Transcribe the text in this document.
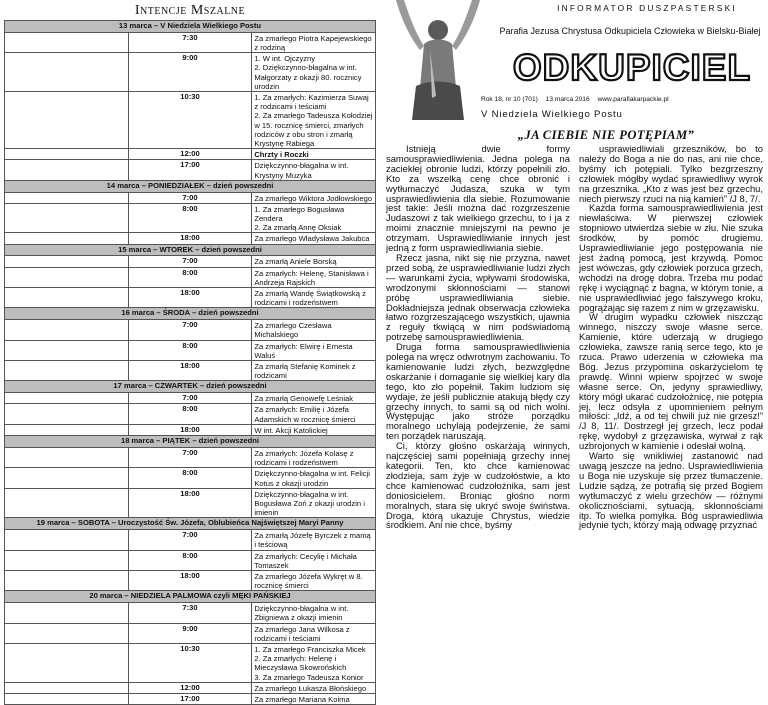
Intencje Mszalne
13 marca – V Niedziela Wielkiego Postu		
	7:30	Za zmarłego Piotra Kapejewskiego z rodziną

	9:00	1. W int. Ojczyzny
2. Dziękczynno-błagalna w int. Małgorzaty z okazji 80. rocznicy urodzin

	10:30	1. Za zmarłych: Kazimierza Suwaj z rodzicami i teściami
2. Za zmarłego Tadeusza Kołodziej w 15. rocznicę śmierci, zmarłych rodziców z obu stron i zmarłą Krystynę Rabiega

	12:00	Chrzty i Roczki

	17:00	Dziękczynno-błagalna w int. Krystyny Muzyka

14 marca – PONIEDZIAŁEK – dzień powszedni		
	7:00	Za zmarłego Wiktora Jodłowskiego

	8:00	1. Za zmarłego Bogusława Zendera
2. Za zmarłą Annę Oksiak

	18:00	Za zmarłego Władysława Jakubca

15 marca – WTOREK – dzień powszedni		
	7:00	Za zmarłą Aniele Borską

	8:00	Za zmarłych: Helenę, Stanisława i Andrzeja Rajskich

	18:00	Za zmarłą Wandę Świątkowską z rodzicami i rodzeństwem

16 marca – ŚRODA – dzień powszedni		
	7:00	Za zmarłego Czesława Michalskiego

	8:00	Za zmarłych: Elwirę i Ernesta Waluś

	18:00	Za zmarłą Stefanię Kominek z rodzicami

17 marca – CZWARTEK – dzień powszedni		
	7:00	Za zmarłą Genowefę Leśniak

	8:00	Za zmarłych: Emilię i Józefa Adamskich w rocznicę śmierci

	18:00	W int. Akcji Katolickiej

18 marca – PIĄTEK – dzień powszedni		
	7:00	Za zmarłych: Józefa Kolasę z rodzicami i rodzeństwem

	8:00	Dziękczynno-błagalna w int. Felicji Kotus z okazji urodzin

	18:00	Dziękczynno-błagalna w int. Bogusława Zoń z okazji urodzin i imienin

19 marca – SOBOTA – Uroczystość Św. Józefa, Oblubieńca Najświętszej Maryi Panny		
	7:00	Za zmarłą Józefę Byrczek z mamą i teściową

	8:00	Za zmarłych: Cecylię i Michała Tomaszek

	18:00	Za zmarłego Józefa Wykręt w 8. rocznicę śmierci

20 marca – NIEDZIELA PALMOWA czyli MĘKI PAŃSKIEJ		
	7:30	Dziękczynno-błagalna w int. Zbigniewa z okazji imienin

	9:00	Za zmarłego Jana Wilkosa z rodzicami i teściami

	10:30	1. Za zmarłego Franciszka Micek
2. Za zmarłych: Helenę i Mieczysława Skowrońskich
3. Za zmarłego Tadeusza Konior

	12:00	Za zmarłego Łukasza Błońskiego

	17:00	Za zmarłego Mariana Koima
INFORMATOR DUSZPASTERSKI
Parafia Jezusa Chrystusa Odkupiciela Człowieka w Bielsku-Białej
ODKUPICIEL
Rok 18, nr 10 (701) 13 marca 2016 www.parafiakarpackie.pl
V Niedziela Wielkiego Postu
„JA CIEBIE NIE POTĘPIAM”

Istnieją dwie formy samousprawiedliwienia. Jedna polega na zaciekłej obronie ludzi, którzy popełnili zło. Kto za wszelką cenę chce obronić i wytłumaczyć Judasza, szuka w tym usprawiedliwienia dla siebie. Rozumowanie jest takie: Jeśli można dać rozgrzeszenie Judaszowi z tak wielkiego grzechu, to i ja z moimi znacznie mniejszymi na pewno je otrzymam. Usprawiedliwianie innych jest jedną z form usprawiedliwiania siebie.

Rzecz jasna, nikt się nie przyzna, nawet przed sobą, że usprawiedliwianie ludzi złych — warunkami życia, wpływami środowiska, wrodzonymi skłonnościami — stanowi próbę usprawiedliwiania siebie. Dokładniejsza jednak obserwacja człowieka łatwo rozgrzeszającego wszystkich, ujawnia z reguły tkwiącą w nim podświadomą potrzebę samousprawiedliwienia.

Druga forma samousprawiedliwienia polega na wręcz odwrotnym zachowaniu. To kamienowanie ludzi złych, bezwzględne oskarżanie i domaganie się wielkiej kary dla tego, kto zło popełnił. Takim ludziom się wydaje, że jeśli publicznie atakują błędy czy grzechy innych, to sami są od nich wolni. Występując jako stróże porządku moralnego uchylają podejrzenie, że sami ten porządek naruszają.

Ci, którzy głośno oskarżają winnych, najczęściej sami popełniają grzechy innej kategorii. Ten, kto chce kamienować złodzieja, sam żyje w cudzołóstwie, a kto chce kamienować cudzołożnika, sam jest doniosicielem. Broniąc głośno norm moralnych, stara się ukryć swoje świństwa. Droga, którą ukazuje Chrystus, wiedzie środkiem. Ani nie chce, byśmy

usprawiedliwiali grzeszników, bo to należy do Boga a nie do nas, ani nie chce, byśmy ich potępiali. Tylko bezgrzeszny człowiek mógłby wydać sprawiedliwy wyrok na grzesznika. „Kto z was jest bez grzechu, niech pierwszy rzuci na nią kamień” /J 8, 7/.

Każda forma samousprawiedliwienia jest niewłaściwa. W pierwszej człowiek stopniowo utwierdza siebie w złu. Nie szuka środków, by pomóc drugiemu. Usprawiedliwianie jego postępowania nie jest żadną pomocą, jest krzywdą. Pomoc jest wówczas, gdy człowiek porzuca grzech, wchodzi na drogę dobra. Trzeba mu podać rękę i wyciągnąć z bagna, w którym tonie, a nie usprawiedliwiać jego fałszywego kroku, pogrążając się razem z nim w grzęzawisku.

W drugim wypadku człowiek niszcząc winnego, niszczy swoje własne serce. Kamienie, które uderzają w drugiego człowieka, zawsze ranią serce tego, kto je rzuca. Prawo uderzenia w człowieka ma Bóg. Jezus przypomina oskarżycielom tę prawdę. Winni wpierw spojrzeć w swoje własne serce. On, jedyny sprawiedliwy, który mógł ukarać cudzołożnicę, nie potępia jej, lecz odsyła z upomnieniem pełnym miłości: „Idź, a od tej chwili już nie grzesz!” /J 8, 11/. Dostrzegł jej grzech, lecz podał rękę, wydobył z grzęzawiska, wyrwał z rąk uzbrojonych w kamienie i odesłał wolną.

Warto się wnikliwiej zastanowić nad uwagą jeszcze na jedno. Usprawiedliwienia u Boga nie uzyskuje się przez tłumaczenie. Ludzie sądzą, że potrafią się przed Bogiem wytłumaczyć z wielu grzechów — różnymi okolicznościami, sytuacją, skłonnościami itp. To wielka pomyłka. Bóg usprawiedliwia jedynie tych, którzy mają odwagę przyznać
